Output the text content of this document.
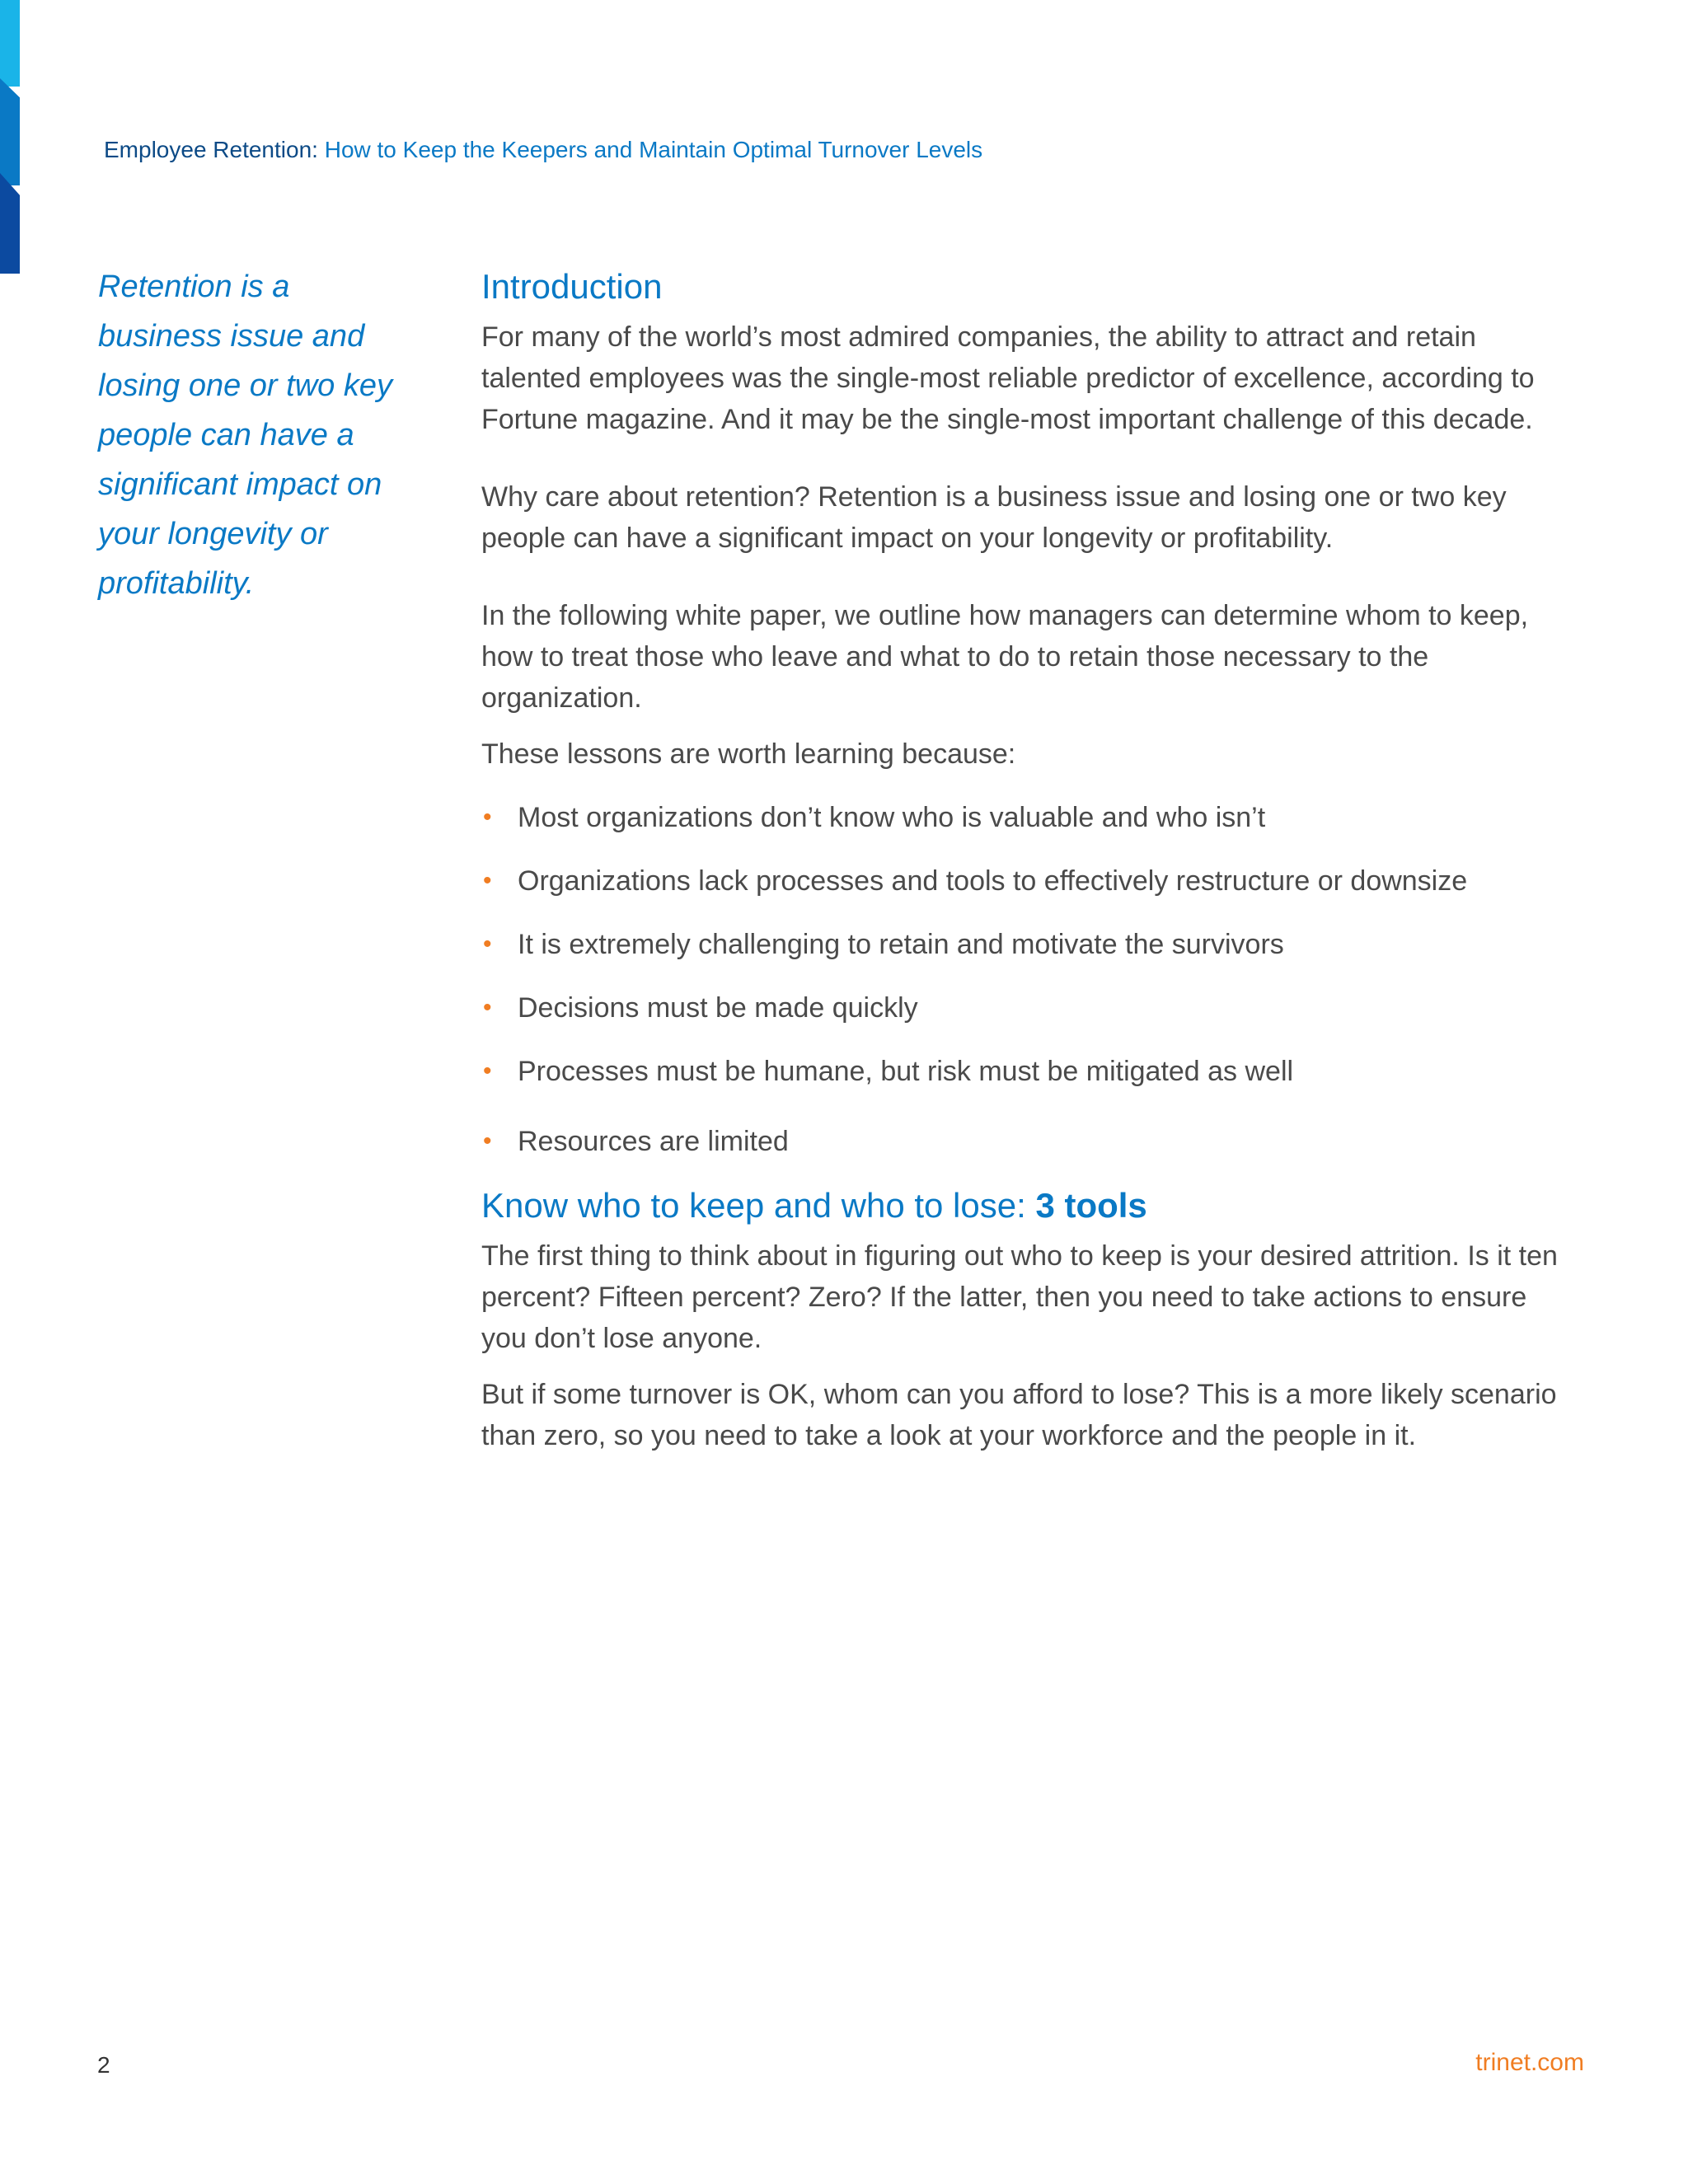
Employee Retention: How to Keep the Keepers and Maintain Optimal Turnover Levels
Retention is a business issue and losing one or two key people can have a significant impact on your longevity or profitability.
Introduction

For many of the world’s most admired companies, the ability to attract and retain talented employees was the single-most reliable predictor of excellence, according to Fortune magazine. And it may be the single-most important challenge of this decade.

Why care about retention? Retention is a business issue and losing one or two key people can have a significant impact on your longevity or profitability.

In the following white paper, we outline how managers can determine whom to keep, how to treat those who leave and what to do to retain those necessary to the organization.

These lessons are worth learning because:

• Most organizations don’t know who is valuable and who isn’t
• Organizations lack processes and tools to effectively restructure or downsize
• It is extremely challenging to retain and motivate the survivors
• Decisions must be made quickly
• Processes must be humane, but risk must be mitigated as well
• Resources are limited
Know who to keep and who to lose: 3 tools

The first thing to think about in figuring out who to keep is your desired attrition. Is it ten percent? Fifteen percent? Zero? If the latter, then you need to take actions to ensure you don’t lose anyone.

But if some turnover is OK, whom can you afford to lose? This is a more likely scenario than zero, so you need to take a look at your workforce and the people in it.

2	trinet.com
